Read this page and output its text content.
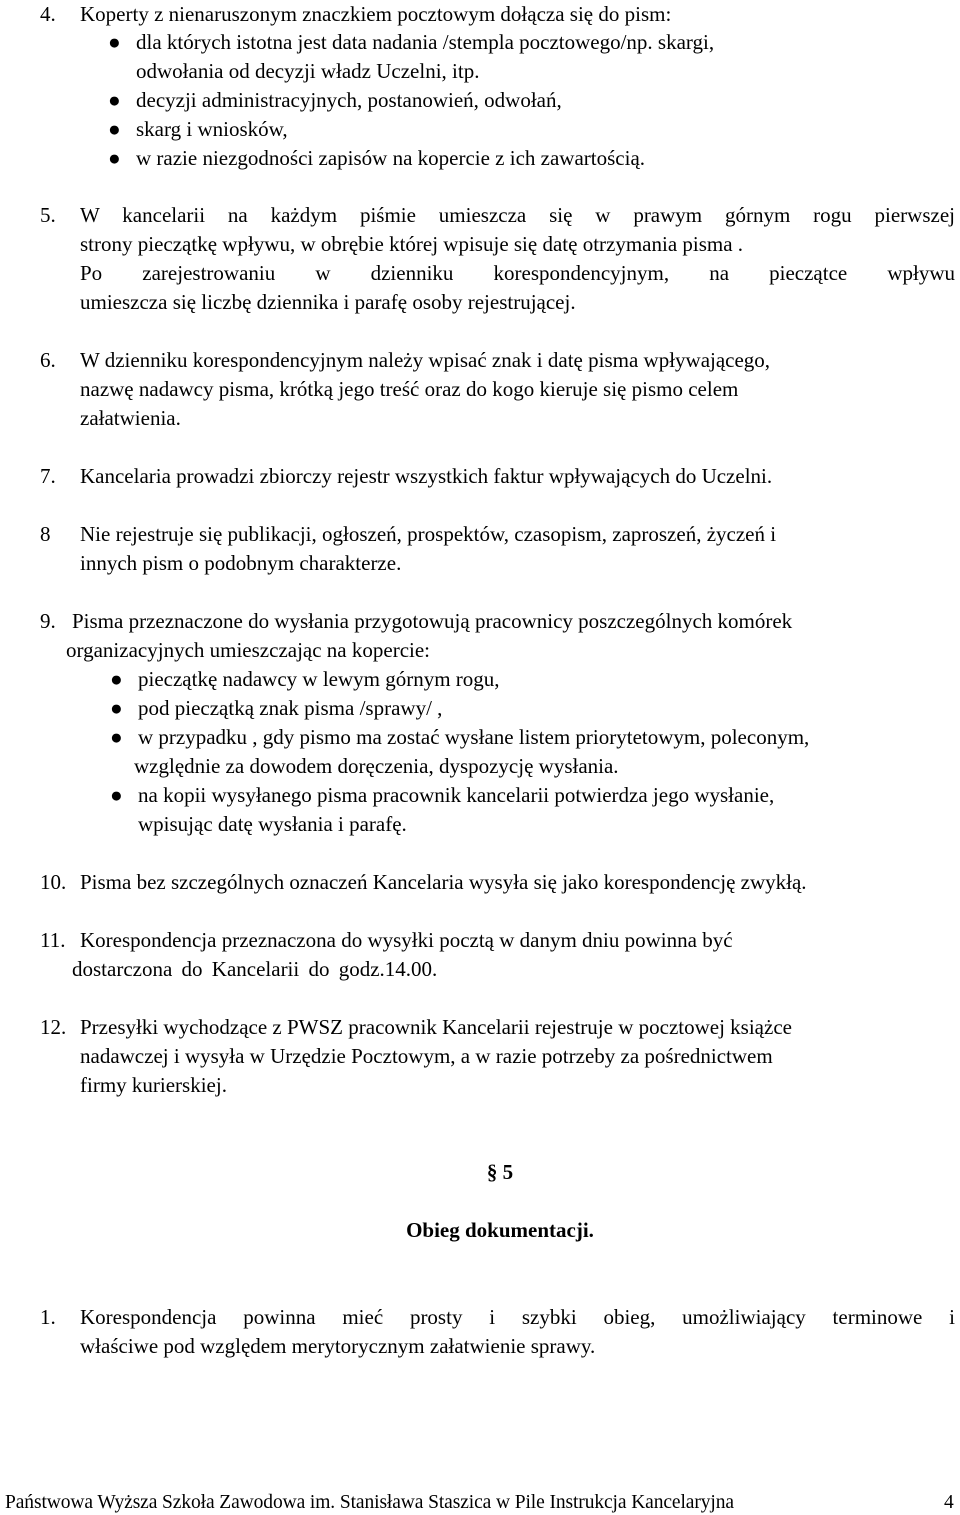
4. Koperty z nienaruszonym znaczkiem pocztowym dołącza się do pism:
● dla których istotna jest data nadania /stempla pocztowego/np. skargi,
odwołania od decyzji władz Uczelni, itp.
● decyzji administracyjnych, postanowień, odwołań,
● skarg i wniosków,
● w razie niezgodności zapisów na kopercie z ich zawartością.
5. W kancelarii na każdym piśmie umieszcza się w prawym górnym rogu pierwszej
strony pieczątkę wpływu, w obrębie której wpisuje się datę otrzymania pisma .
Po zarejestrowaniu w dzienniku korespondencyjnym, na pieczątce wpływu
umieszcza się liczbę dziennika i parafę osoby rejestrującej.
6. W dzienniku korespondencyjnym należy wpisać znak i datę pisma wpływającego,
nazwę nadawcy pisma, krótką jego treść oraz do kogo kieruje się pismo celem
załatwienia.
7. Kancelaria prowadzi zbiorczy rejestr wszystkich faktur wpływających do Uczelni.
8 Nie rejestruje się publikacji, ogłoszeń, prospektów, czasopism, zaproszeń, życzeń i
innych pism o podobnym charakterze.
9. Pisma przeznaczone do wysłania przygotowują pracownicy poszczególnych komórek
organizacyjnych umieszczając na kopercie:
● pieczątkę nadawcy w lewym górnym rogu,
● pod pieczątką znak pisma /sprawy/ ,
● w przypadku , gdy pismo ma zostać wysłane listem priorytetowym, poleconym,
względnie za dowodem doręczenia, dyspozycję wysłania.
● na kopii wysyłanego pisma pracownik kancelarii potwierdza jego wysłanie,
wpisując datę wysłania i parafę.
10. Pisma bez szczególnych oznaczeń Kancelaria wysyła się jako korespondencję zwykłą.
11. Korespondencja przeznaczona do wysyłki pocztą w danym dniu powinna być
dostarczona do Kancelarii do godz.14.00.
12. Przesyłki wychodzące z PWSZ pracownik Kancelarii rejestruje w pocztowej książce
nadawczej i wysyła w Urzędzie Pocztowym, a w razie potrzeby za pośrednictwem
firmy kurierskiej.
§ 5
Obieg dokumentacji.
1. Korespondencja powinna mieć prosty i szybki obieg, umożliwiający terminowe i
właściwe pod względem merytorycznym załatwienie sprawy.
Państwowa Wyższa Szkoła Zawodowa im. Stanisława Staszica w Pile Instrukcja Kancelaryjna	4
